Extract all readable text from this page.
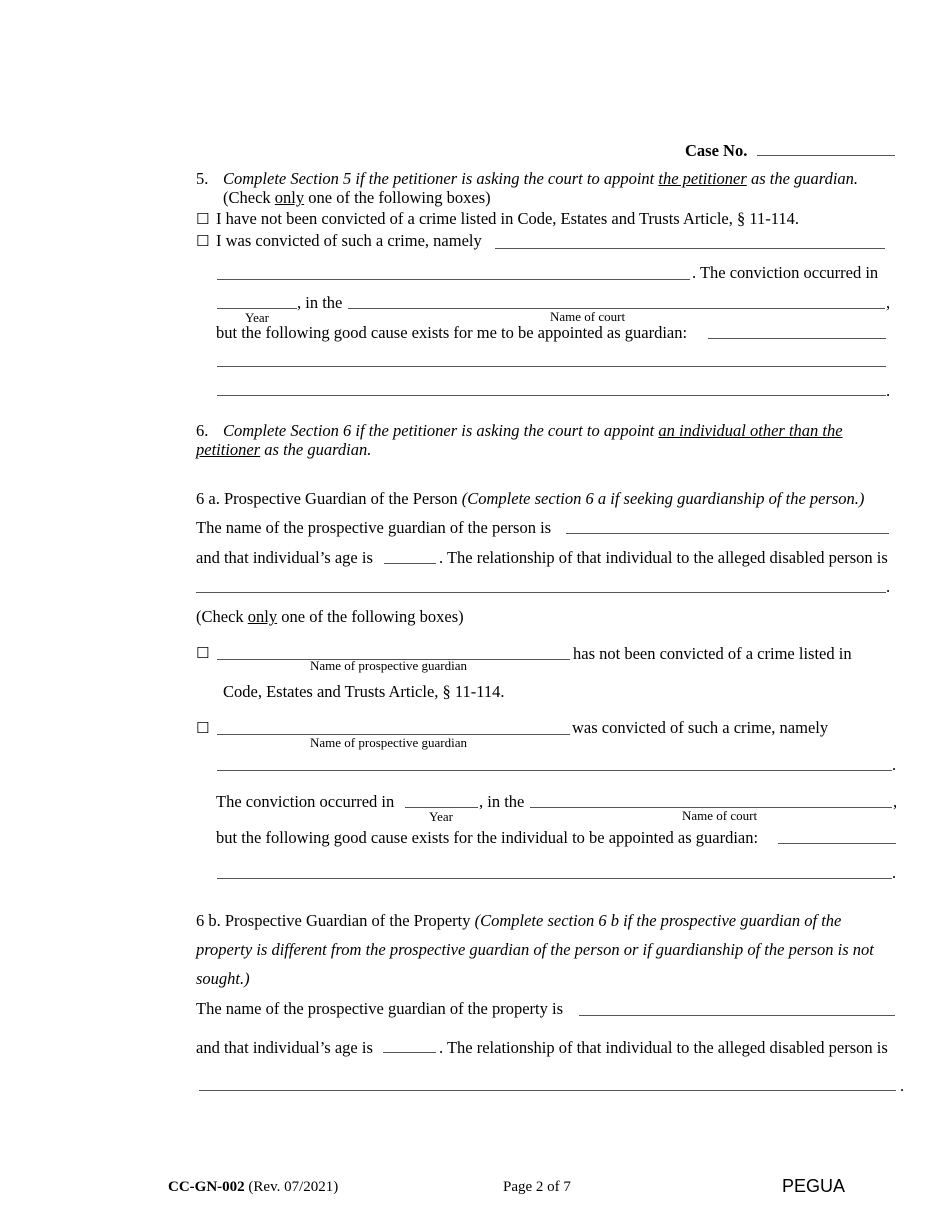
Case No.
5. Complete Section 5 if the petitioner is asking the court to appoint the petitioner as the guardian.
(Check only one of the following boxes)
☐ I have not been convicted of a crime listed in Code, Estates and Trusts Article, § 11-114.
☐ I was convicted of such a crime, namely
. The conviction occurred in
, in the	,
Year	Name of court
but the following good cause exists for me to be appointed as guardian:
.
6. Complete Section 6 if the petitioner is asking the court to appoint an individual other than the
petitioner as the guardian.
6 a. Prospective Guardian of the Person (Complete section 6 a if seeking guardianship of the person.)
The name of the prospective guardian of the person is
and that individual’s age is	. The relationship of that individual to the alleged disabled person is
.
(Check only one of the following boxes)
☐	has not been convicted of a crime listed in
Name of prospective guardian
Code, Estates and Trusts Article, § 11-114.
☐	was convicted of such a crime, namely
Name of prospective guardian
.
The conviction occurred in	, in the	,
Year	Name of court
but the following good cause exists for the individual to be appointed as guardian:
.
6 b. Prospective Guardian of the Property (Complete section 6 b if the prospective guardian of the
property is different from the prospective guardian of the person or if guardianship of the person is not
sought.)
The name of the prospective guardian of the property is
and that individual’s age is	. The relationship of that individual to the alleged disabled person is
.
CC-GN-002 (Rev. 07/2021)	Page 2 of 7	PEGUA
